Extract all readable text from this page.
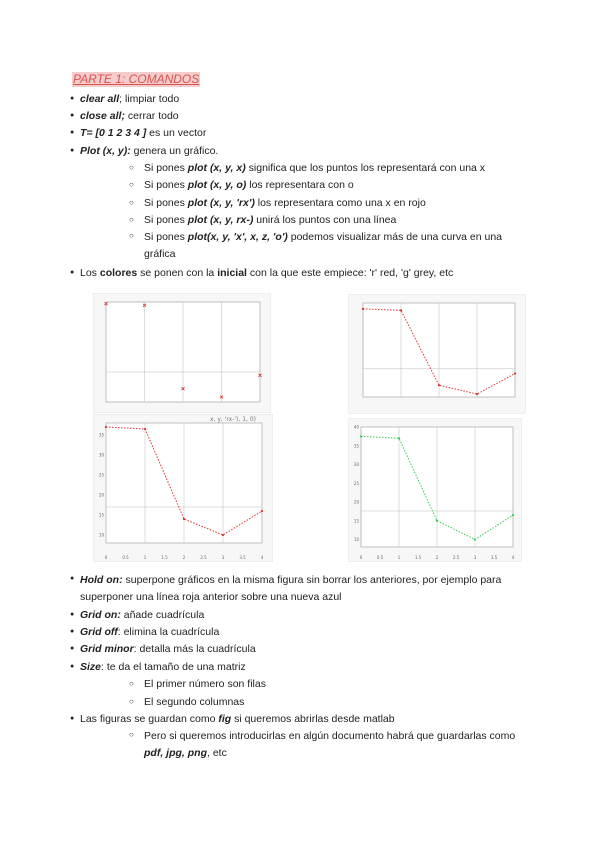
PARTE 1: COMANDOS
● clear all; limpiar todo
● close all; cerrar todo
● T= [0 1 2 3 4 ] es un vector
● Plot (x, y): genera un gráfico.
○ Si pones plot (x, y, x) significa que los puntos los representará con una x
○ Si pones plot (x, y, o) los representara con o
○ Si pones plot (x, y, 'rx') los representara como una x en rojo
○ Si pones plot (x, y, rx-) unirá los puntos con una línea
○ Si pones plot(x, y, 'x', x, z, 'o') podemos visualizar más de una curva en una gráfica
● Los colores se ponen con la inicial con la que este empiece: 'r' red, 'g' grey, etc
0	0.5	1	1.5	2	2.5	3	3.5	4
10
15
20
25
30
35
0	0.5	1	1.5	2	2.5	3	3.5	4
10
15
20
25
30
35
40
x, y, 'rx-'), 1, 0)
● Hold on: superpone gráficos en la misma figura sin borrar los anteriores, por ejemplo para superponer una línea roja anterior sobre una nueva azul
● Grid on: añade cuadrícula
● Grid off: elimina la cuadrícula
● Grid minor: detalla más la cuadrícula
● Size: te da el tamaño de una matriz
○ El primer número son filas
○ El segundo columnas
● Las figuras se guardan como fig si queremos abrirlas desde matlab
○ Pero si queremos introducirlas en algún documento habrá que guardarlas como pdf, jpg, png, etc
